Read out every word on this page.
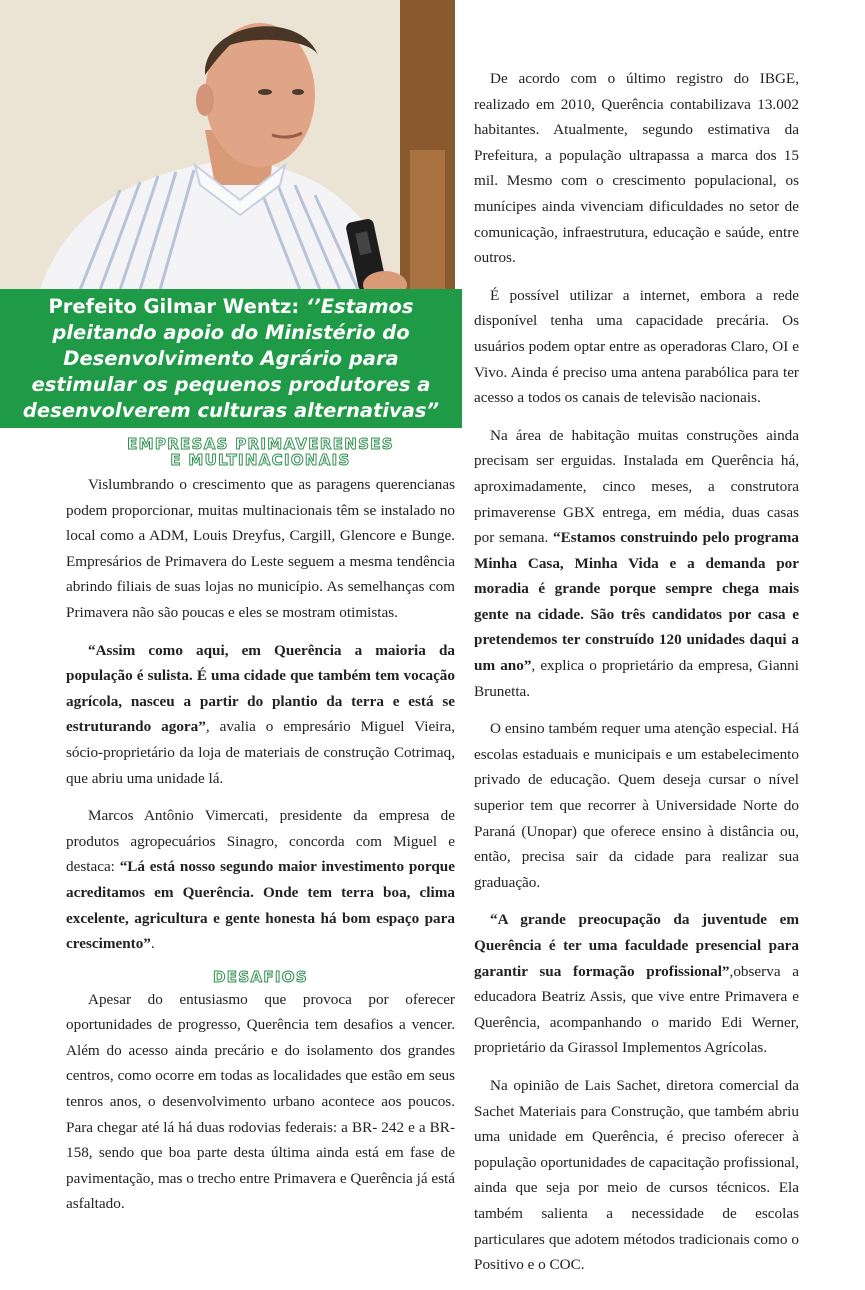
Prefeito Gilmar Wentz: ‘’Estamos pleitando apoio do Ministério do Desenvolvimento Agrário para estimular os pequenos produtores a desenvolverem culturas alternativas”
EMPRESAS PRIMAVERENSES
E MULTINACIONAIS

Vislumbrando o crescimento que as paragens querencianas podem proporcionar, muitas multinacionais têm se instalado no local como a ADM, Louis Dreyfus, Cargill, Glencore e Bunge. Empresários de Primavera do Leste seguem a mesma tendência abrindo filiais de suas lojas no município. As semelhanças com Primavera não são poucas e eles se mostram otimistas.

“Assim como aqui, em Querência a maioria da população é sulista. É uma cidade que também tem vocação agrícola, nasceu a partir do plantio da terra e está se estruturando agora”, avalia o empresário Miguel Vieira, sócio-proprietário da loja de materiais de construção Cotrimaq, que abriu uma unidade lá.

Marcos Antônio Vimercati, presidente da empresa de produtos agropecuários Sinagro, concorda com Miguel e destaca: “Lá está nosso segundo maior investimento porque acreditamos em Querência. Onde tem terra boa, clima excelente, agricultura e gente honesta há bom espaço para crescimento”.

DESAFIOS

Apesar do entusiasmo que provoca por oferecer oportunidades de progresso, Querência tem desafios a vencer. Além do acesso ainda precário e do isolamento dos grandes centros, como ocorre em todas as localidades que estão em seus tenros anos, o desenvolvimento urbano acontece aos poucos. Para chegar até lá há duas rodovias federais: a BR- 242 e a BR-158, sendo que boa parte desta última ainda está em fase de pavimentação, mas o trecho entre Primavera e Querência já está asfaltado.

De acordo com o último registro do IBGE, realizado em 2010, Querência contabilizava 13.002 habitantes. Atualmente, segundo estimativa da Prefeitura, a população ultrapassa a marca dos 15 mil. Mesmo com o crescimento populacional, os munícipes ainda vivenciam dificuldades no setor de comunicação, infraestrutura, educação e saúde, entre outros.

É possível utilizar a internet, embora a rede disponível tenha uma capacidade precária. Os usuários podem optar entre as operadoras Claro, OI e Vivo. Ainda é preciso uma antena parabólica para ter acesso a todos os canais de televisão nacionais.

Na área de habitação muitas construções ainda precisam ser erguidas. Instalada em Querência há, aproximadamente, cinco meses, a construtora primaverense GBX entrega, em média, duas casas por semana. “Estamos construindo pelo programa Minha Casa, Minha Vida e a demanda por moradia é grande porque sempre chega mais gente na cidade. São três candidatos por casa e pretendemos ter construído 120 unidades daqui a um ano”, explica o proprietário da empresa, Gianni Brunetta.

O ensino também requer uma atenção especial. Há escolas estaduais e municipais e um estabelecimento privado de educação. Quem deseja cursar o nível superior tem que recorrer à Universidade Norte do Paraná (Unopar) que oferece ensino à distância ou, então, precisa sair da cidade para realizar sua graduação.

“A grande preocupação da juventude em Querência é ter uma faculdade presencial para garantir sua formação profissional”,observa a educadora Beatriz Assis, que vive entre Primavera e Querência, acompanhando o marido Edi Werner, proprietário da Girassol Implementos Agrícolas.

Na opinião de Lais Sachet, diretora comercial da Sachet Materiais para Construção, que também abriu uma unidade em Querência, é preciso oferecer à população oportunidades de capacitação profissional, ainda que seja por meio de cursos técnicos. Ela também salienta a necessidade de escolas particulares que adotem métodos tradicionais como o Positivo e o COC.
